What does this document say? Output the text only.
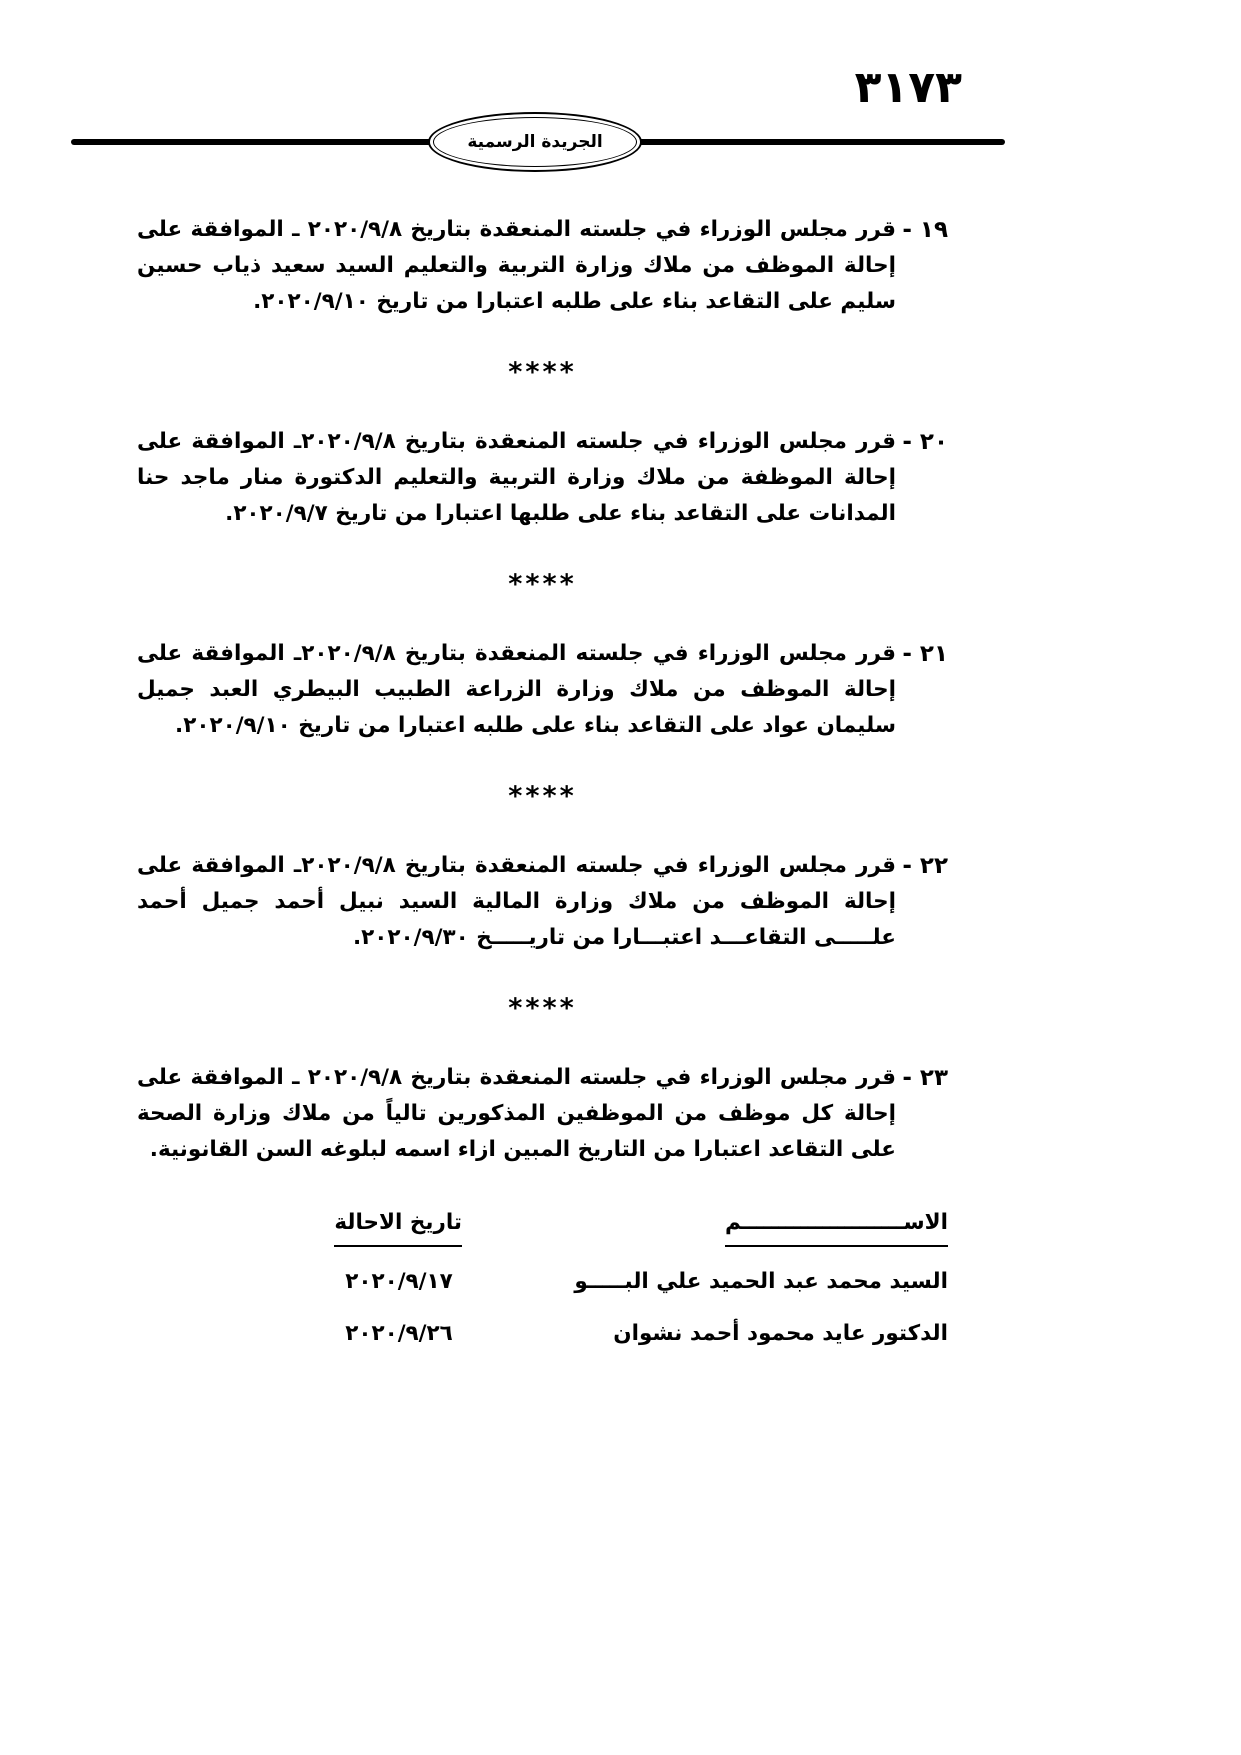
٣١٧٣
الجريدة الرسمية
١٩ -

قرر مجلس الوزراء في جلسته المنعقدة بتاريخ ٢٠٢٠/٩/٨ ـ الموافقة على إحالة الموظف من ملاك وزارة التربية والتعليم السيد سعيد ذياب حسين سليم على التقاعد بناء على طلبه اعتبارا من تاريخ ٢٠٢٠/٩/١٠.

****
٢٠ -

قرر مجلس الوزراء في جلسته المنعقدة بتاريخ ٢٠٢٠/٩/٨ـ الموافقة على إحالة الموظفة من ملاك وزارة التربية والتعليم الدكتورة منار ماجد حنا المدانات على التقاعد بناء على طلبها اعتبارا من تاريخ ٢٠٢٠/٩/٧.

****
٢١ -

قرر مجلس الوزراء في جلسته المنعقدة بتاريخ ٢٠٢٠/٩/٨ـ الموافقة على إحالة الموظف من ملاك وزارة الزراعة الطبيب البيطري العبد جميل سليمان عواد على التقاعد بناء على طلبه اعتبارا من تاريخ ٢٠٢٠/٩/١٠.

****
٢٢ -

قرر مجلس الوزراء في جلسته المنعقدة بتاريخ ٢٠٢٠/٩/٨ـ الموافقة على إحالة الموظف من ملاك وزارة المالية السيد نبيل أحمد جميل أحمد علـــــى التقاعـــد اعتبـــارا من تاريـــــخ ٢٠٢٠/٩/٣٠.

****
٢٣ -

قرر مجلس الوزراء في جلسته المنعقدة بتاريخ ٢٠٢٠/٩/٨ ـ الموافقة على إحالة كل موظف من الموظفين المذكورين تالياً من ملاك وزارة الصحة على التقاعد اعتبارا من التاريخ المبين ازاء اسمه لبلوغه السن القانونية.

الاســــــــــــــــــــــم
تاريخ الاحالة
السيد محمد عبد الحميد علي البـــــو
٢٠٢٠/٩/١٧
الدكتور عايد محمود أحمد نشوان
٢٠٢٠/٩/٢٦
